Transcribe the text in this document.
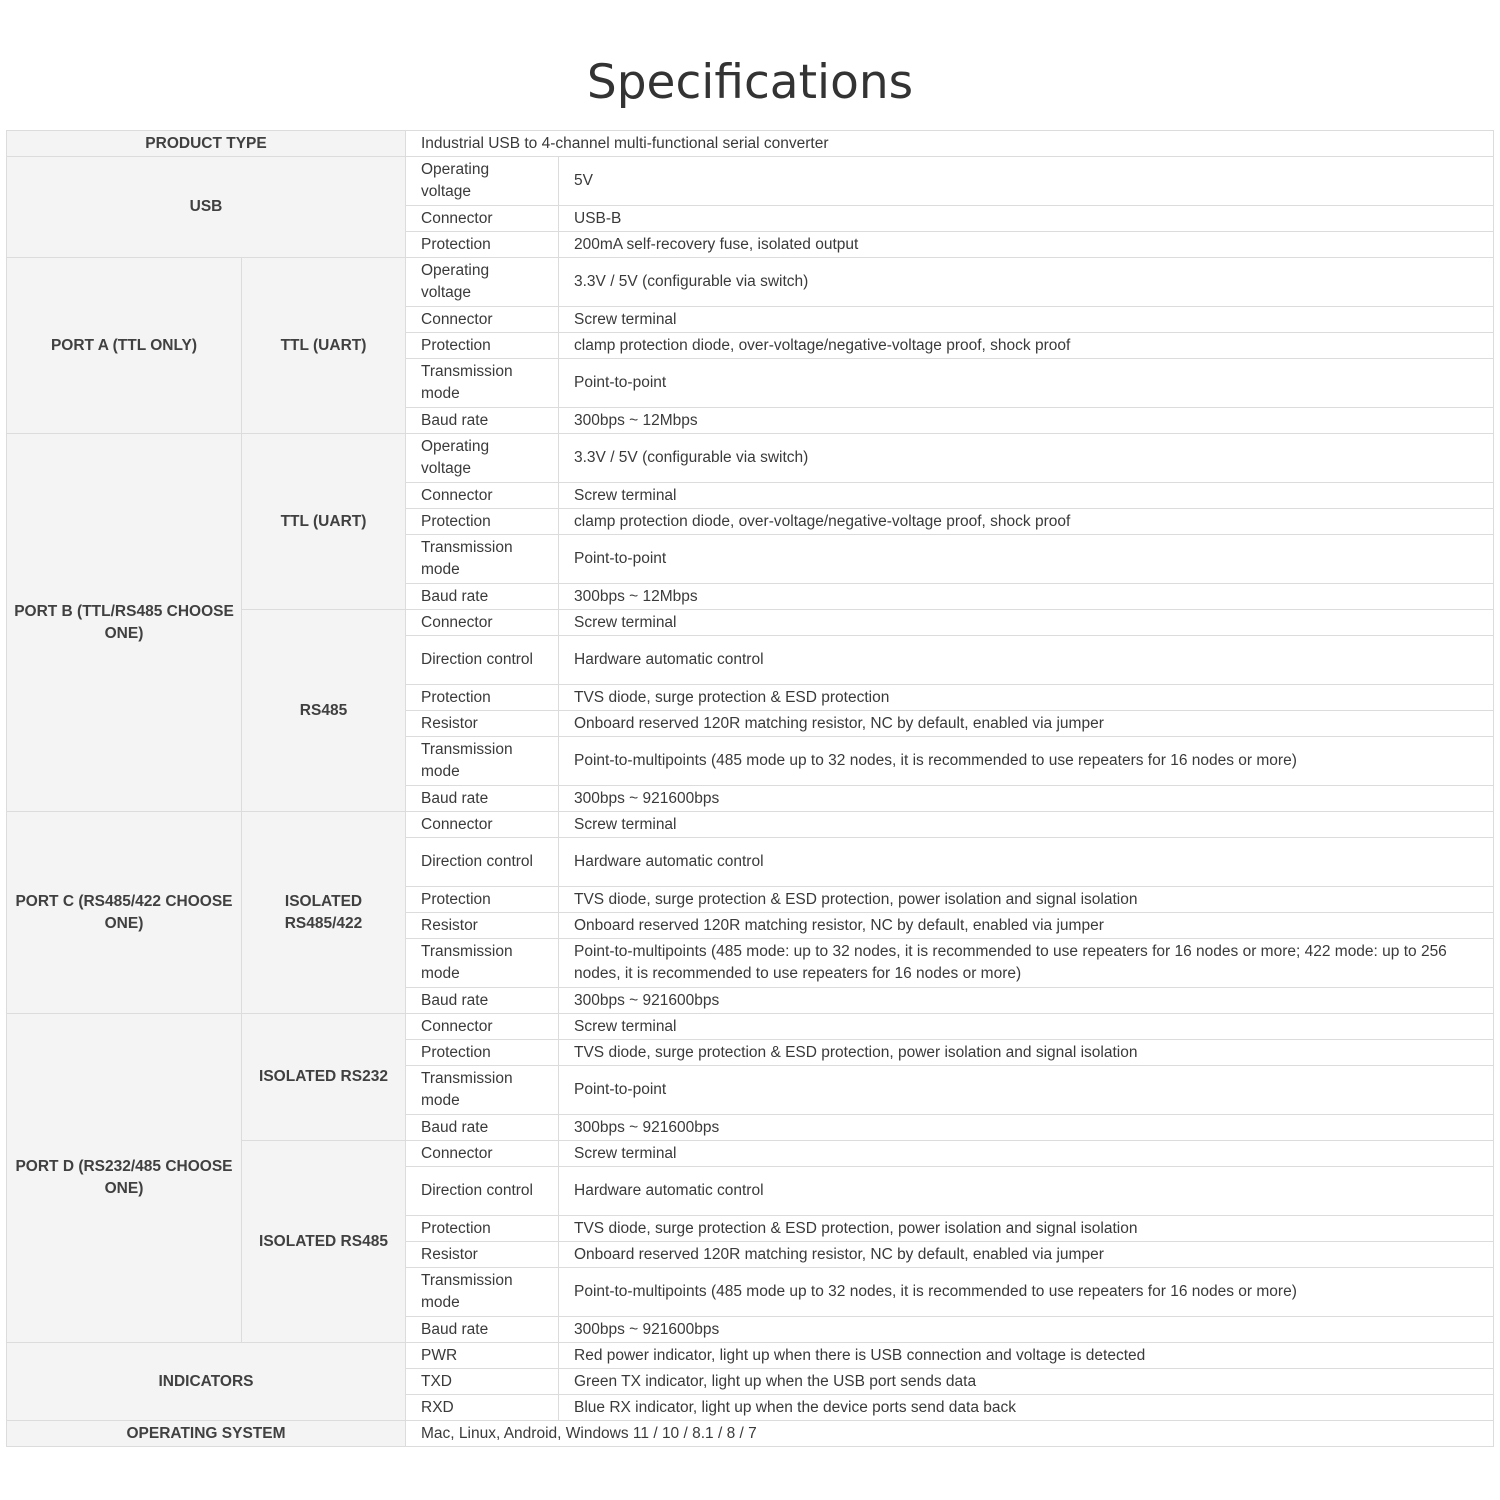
Specifications
PRODUCT TYPE		Industrial USB to 4-channel multi-functional serial converter	
USB		Operating voltage	5V
		Connector	USB-B
		Protection	200mA self-recovery fuse, isolated output
PORT A (TTL ONLY)	TTL (UART)	Operating voltage	3.3V / 5V (configurable via switch)
		Connector	Screw terminal
		Protection	clamp protection diode, over-voltage/negative-voltage proof, shock proof
		Transmission mode	Point-to-point
		Baud rate	300bps ~ 12Mbps
PORT B (TTL/RS485 CHOOSE ONE)	TTL (UART)	Operating voltage	3.3V / 5V (configurable via switch)
		Connector	Screw terminal
		Protection	clamp protection diode, over-voltage/negative-voltage proof, shock proof
		Transmission mode	Point-to-point
		Baud rate	300bps ~ 12Mbps
	RS485	Connector	Screw terminal
		Direction control	Hardware automatic control
		Protection	TVS diode, surge protection & ESD protection
		Resistor	Onboard reserved 120R matching resistor, NC by default, enabled via jumper
		Transmission mode	Point-to-multipoints (485 mode up to 32 nodes, it is recommended to use repeaters for 16 nodes or more)
		Baud rate	300bps ~ 921600bps
PORT C (RS485/422 CHOOSE ONE)	ISOLATED RS485/422	Connector	Screw terminal
		Direction control	Hardware automatic control
		Protection	TVS diode, surge protection & ESD protection, power isolation and signal isolation
		Resistor	Onboard reserved 120R matching resistor, NC by default, enabled via jumper
		Transmission mode	Point-to-multipoints (485 mode: up to 32 nodes, it is recommended to use repeaters for 16 nodes or more; 422 mode: up to 256 nodes, it is recommended to use repeaters for 16 nodes or more)
		Baud rate	300bps ~ 921600bps
PORT D (RS232/485 CHOOSE ONE)	ISOLATED RS232	Connector	Screw terminal
		Protection	TVS diode, surge protection & ESD protection, power isolation and signal isolation
		Transmission mode	Point-to-point
		Baud rate	300bps ~ 921600bps
	ISOLATED RS485	Connector	Screw terminal
		Direction control	Hardware automatic control
		Protection	TVS diode, surge protection & ESD protection, power isolation and signal isolation
		Resistor	Onboard reserved 120R matching resistor, NC by default, enabled via jumper
		Transmission mode	Point-to-multipoints (485 mode up to 32 nodes, it is recommended to use repeaters for 16 nodes or more)
		Baud rate	300bps ~ 921600bps
INDICATORS		PWR	Red power indicator, light up when there is USB connection and voltage is detected
		TXD	Green TX indicator, light up when the USB port sends data
		RXD	Blue RX indicator, light up when the device ports send data back
OPERATING SYSTEM		Mac, Linux, Android, Windows 11 / 10 / 8.1 / 8 / 7	
